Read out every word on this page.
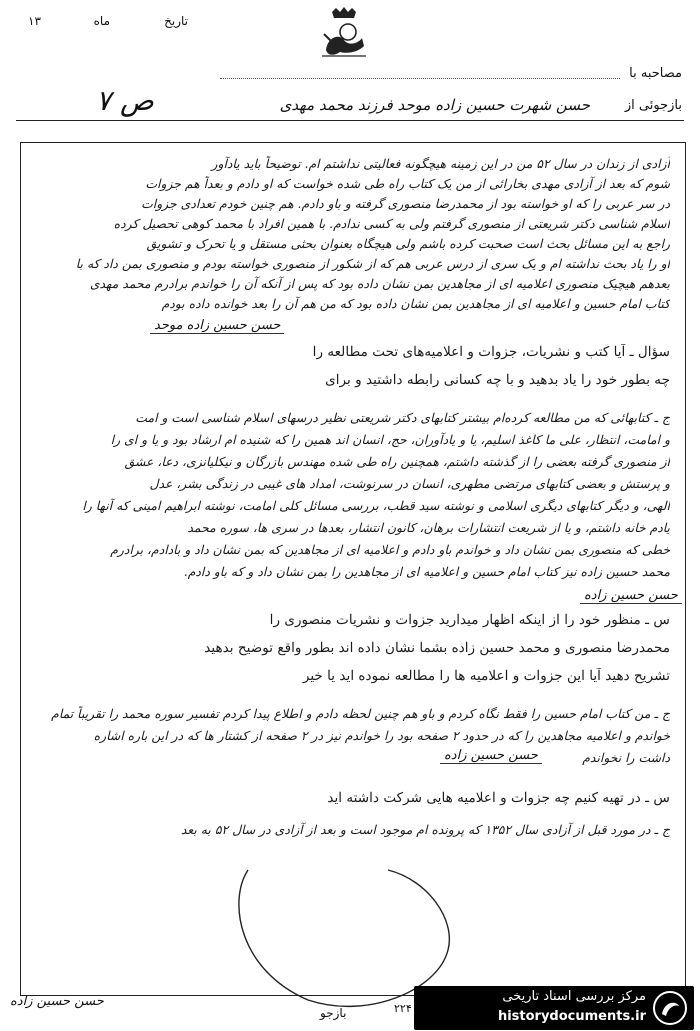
۱۳	ماه	تاریخ
مصاحبه با
ص ۷	بازجوئی از
حسن شهرت حسین زاده موحد فرزند محمد مهدی
آزادی از زندان در سال ۵۲ من در این زمینه هیچگونه فعالیتی نداشتم ام. توضیحاً باید یادآور
شوم که بعد از آزادی مهدی بخارائی از من یک کتاب راه طی شده خواست که او دادم و بعداً هم جزوات
در سر عربی را که او خواسته بود از محمدرضا منصوری گرفته و باو دادم. هم چنین خودم تعدادی جزوات
اسلام شناسی دکتر شریعتی از منصوری گرفتم ولی به کسی ندادم. با همین افراد با محمد کوهی تحصیل کرده
راجع به این مسائل بحث است صحبت کرده باشم ولی هیچگاه بعنوان بحثی مستقل و یا تحرک و تشویق
او را یاد بحث نداشته ام و یک سری از درس عربی هم که از شکور از منصوری خواسته بودم و منصوری بمن داد که با
بعدهم هیچیک منصوری اعلامیه ای از مجاهدین بمن نشان داده بود که پس از آنکه آن را خواندم برادرم محمد مهدی
کتاب امام حسین و اعلامیه ای از مجاهدین بمن نشان داده بود که من هم آن را بعد خوانده داده بودم
حسن حسین زاده موحد
سؤال ـ آیا کتب و نشریات، جزوات و اعلامیه‌های تحت مطالعه را
چه بطور خود را یاد بدهید و با چه کسانی رابطه داشتید و برای
ج ـ کتابهائی که من مطالعه کرده‌ام بیشتر کتابهای دکتر شریعتی نظیر درسهای اسلام شناسی است و امت
و امامت، انتظار، علی ما کاغذ اسلیم، یا و یادآوران، حج، انسان اند همین را که شنیده ام ارشاد بود و یا و ای را
از منصوری گرفته بعضی را از گذشته داشتم، همچنین راه طی شده مهندس بازرگان و نیکلیانزی، دعا، عشق
و پرستش و بعضی کتابهای مرتضی مطهری، انسان در سرنوشت، امداد های غیبی در زندگی بشر، عدل
الهی، و دیگر کتابهای دیگری اسلامی و نوشته سید قطب، بررسی مسائل کلی امامت، نوشته ابراهیم امینی که آنها را
یادم خانه داشتم، و یا از شریعت انتشارات برهان، کانون انتشار، بعدها در سری ها، سوره محمد
خطی که منصوری بمن نشان داد و خواندم باو دادم و اعلامیه ای از مجاهدین که بمن نشان داد و بادادم، برادرم
محمد حسین زاده نیز کتاب امام حسین و اعلامیه ای از مجاهدین را بمن نشان داد و که باو دادم.
حسن حسین زاده
س ـ منظور خود را از اینکه اظهار میدارید جزوات و نشریات منصوری را
محمدرضا منصوری و محمد حسین زاده بشما نشان داده اند بطور واقع توضیح بدهید
تشریح دهید آیا این جزوات و اعلامیه ها را مطالعه نموده اید یا خیر
ج ـ من کتاب امام حسین را فقط نگاه کردم و باو هم چنین لحظه دادم و اطلاع پیدا کردم تفسیر سوره محمد را تقریباً تمام
خواندم و اعلامیه مجاهدین را که در حدود ۲ صفحه بود را خواندم نیز در ۲ صفحه از کشتار ها که در این باره اشاره
داشت را نخواندم
حسن حسین زاده
س ـ در تهیه کنیم چه جزوات و اعلامیه هایی شرکت داشته اید
ج ـ در مورد قبل از آزادی سال ۱۳۵۲ که پرونده ام موجود است و بعد از آزادی در سال ۵۲ به بعد
حسن حسین زاده
بازجو	۲۲۴
مرکز بررسی اسناد تاریخی
historydocuments.ir
